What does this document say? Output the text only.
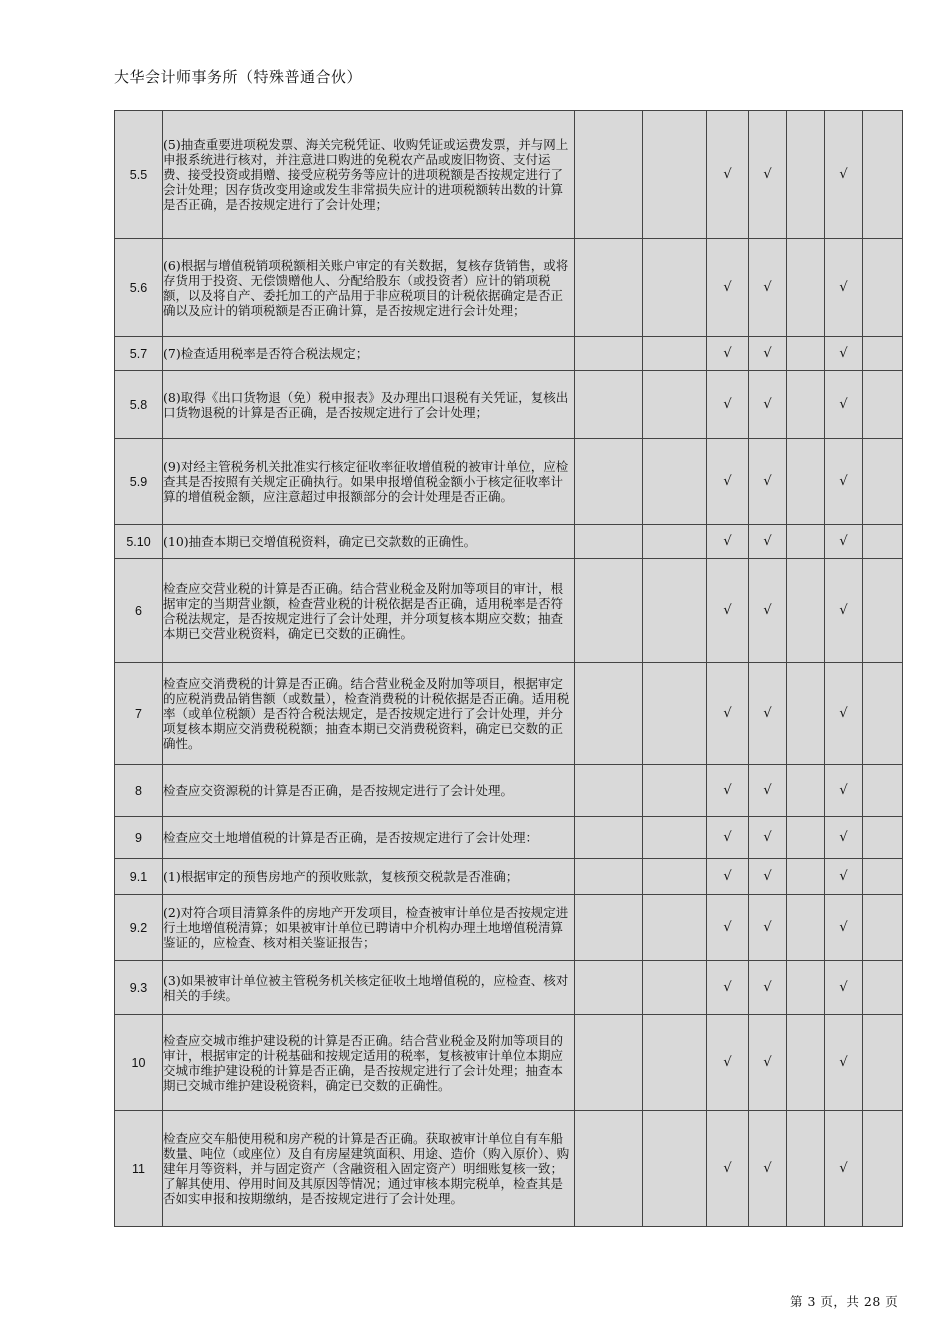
大华会计师事务所（特殊普通合伙）
5.5	(5)抽查重要进项税发票、海关完税凭证、收购凭证或运费发票，并与网上申报系统进行核对，并注意进口购进的免税农产品或废旧物资、支付运费、接受投资或捐赠、接受应税劳务等应计的进项税额是否按规定进行了会计处理；因存货改变用途或发生非常损失应计的进项税额转出数的计算是否正确，是否按规定进行了会计处理；			√	√		√	
5.6	(6)根据与增值税销项税额相关账户审定的有关数据，复核存货销售，或将存货用于投资、无偿馈赠他人、分配给股东（或投资者）应计的销项税额，以及将自产、委托加工的产品用于非应税项目的计税依据确定是否正确以及应计的销项税额是否正确计算，是否按规定进行会计处理；			√	√		√	
5.7	(7)检查适用税率是否符合税法规定；			√	√		√	
5.8	(8)取得《出口货物退（免）税申报表》及办理出口退税有关凭证，复核出口货物退税的计算是否正确，是否按规定进行了会计处理；			√	√		√	
5.9	(9)对经主管税务机关批准实行核定征收率征收增值税的被审计单位，应检查其是否按照有关规定正确执行。如果申报增值税金额小于核定征收率计算的增值税金额，应注意超过申报额部分的会计处理是否正确。			√	√		√	
5.10	(10)抽查本期已交增值税资料，确定已交款数的正确性。			√	√		√	
6	检查应交营业税的计算是否正确。结合营业税金及附加等项目的审计，根据审定的当期营业额，检查营业税的计税依据是否正确，适用税率是否符合税法规定，是否按规定进行了会计处理，并分项复核本期应交数；抽查本期已交营业税资料，确定已交数的正确性。			√	√		√	
7	检查应交消费税的计算是否正确。结合营业税金及附加等项目，根据审定的应税消费品销售额（或数量），检查消费税的计税依据是否正确。适用税率（或单位税额）是否符合税法规定，是否按规定进行了会计处理，并分项复核本期应交消费税税额；抽查本期已交消费税资料，确定已交数的正确性。			√	√		√	
8	检查应交资源税的计算是否正确，是否按规定进行了会计处理。			√	√		√	
9	检查应交土地增值税的计算是否正确，是否按规定进行了会计处理：			√	√		√	
9.1	(1)根据审定的预售房地产的预收账款，复核预交税款是否准确；			√	√		√	
9.2	(2)对符合项目清算条件的房地产开发项目，检查被审计单位是否按规定进行土地增值税清算；如果被审计单位已聘请中介机构办理土地增值税清算鉴证的，应检查、核对相关鉴证报告；			√	√		√	
9.3	(3)如果被审计单位被主管税务机关核定征收土地增值税的，应检查、核对相关的手续。			√	√		√	
10	检查应交城市维护建设税的计算是否正确。结合营业税金及附加等项目的审计，根据审定的计税基础和按规定适用的税率，复核被审计单位本期应交城市维护建设税的计算是否正确，是否按规定进行了会计处理；抽查本期已交城市维护建设税资料，确定已交数的正确性。			√	√		√	
11	检查应交车船使用税和房产税的计算是否正确。获取被审计单位自有车船数量、吨位（或座位）及自有房屋建筑面积、用途、造价（购入原价）、购建年月等资料，并与固定资产（含融资租入固定资产）明细账复核一致；了解其使用、停用时间及其原因等情况；通过审核本期完税单，检查其是否如实申报和按期缴纳，是否按规定进行了会计处理。			√	√		√	
第 3 页，共 28 页
